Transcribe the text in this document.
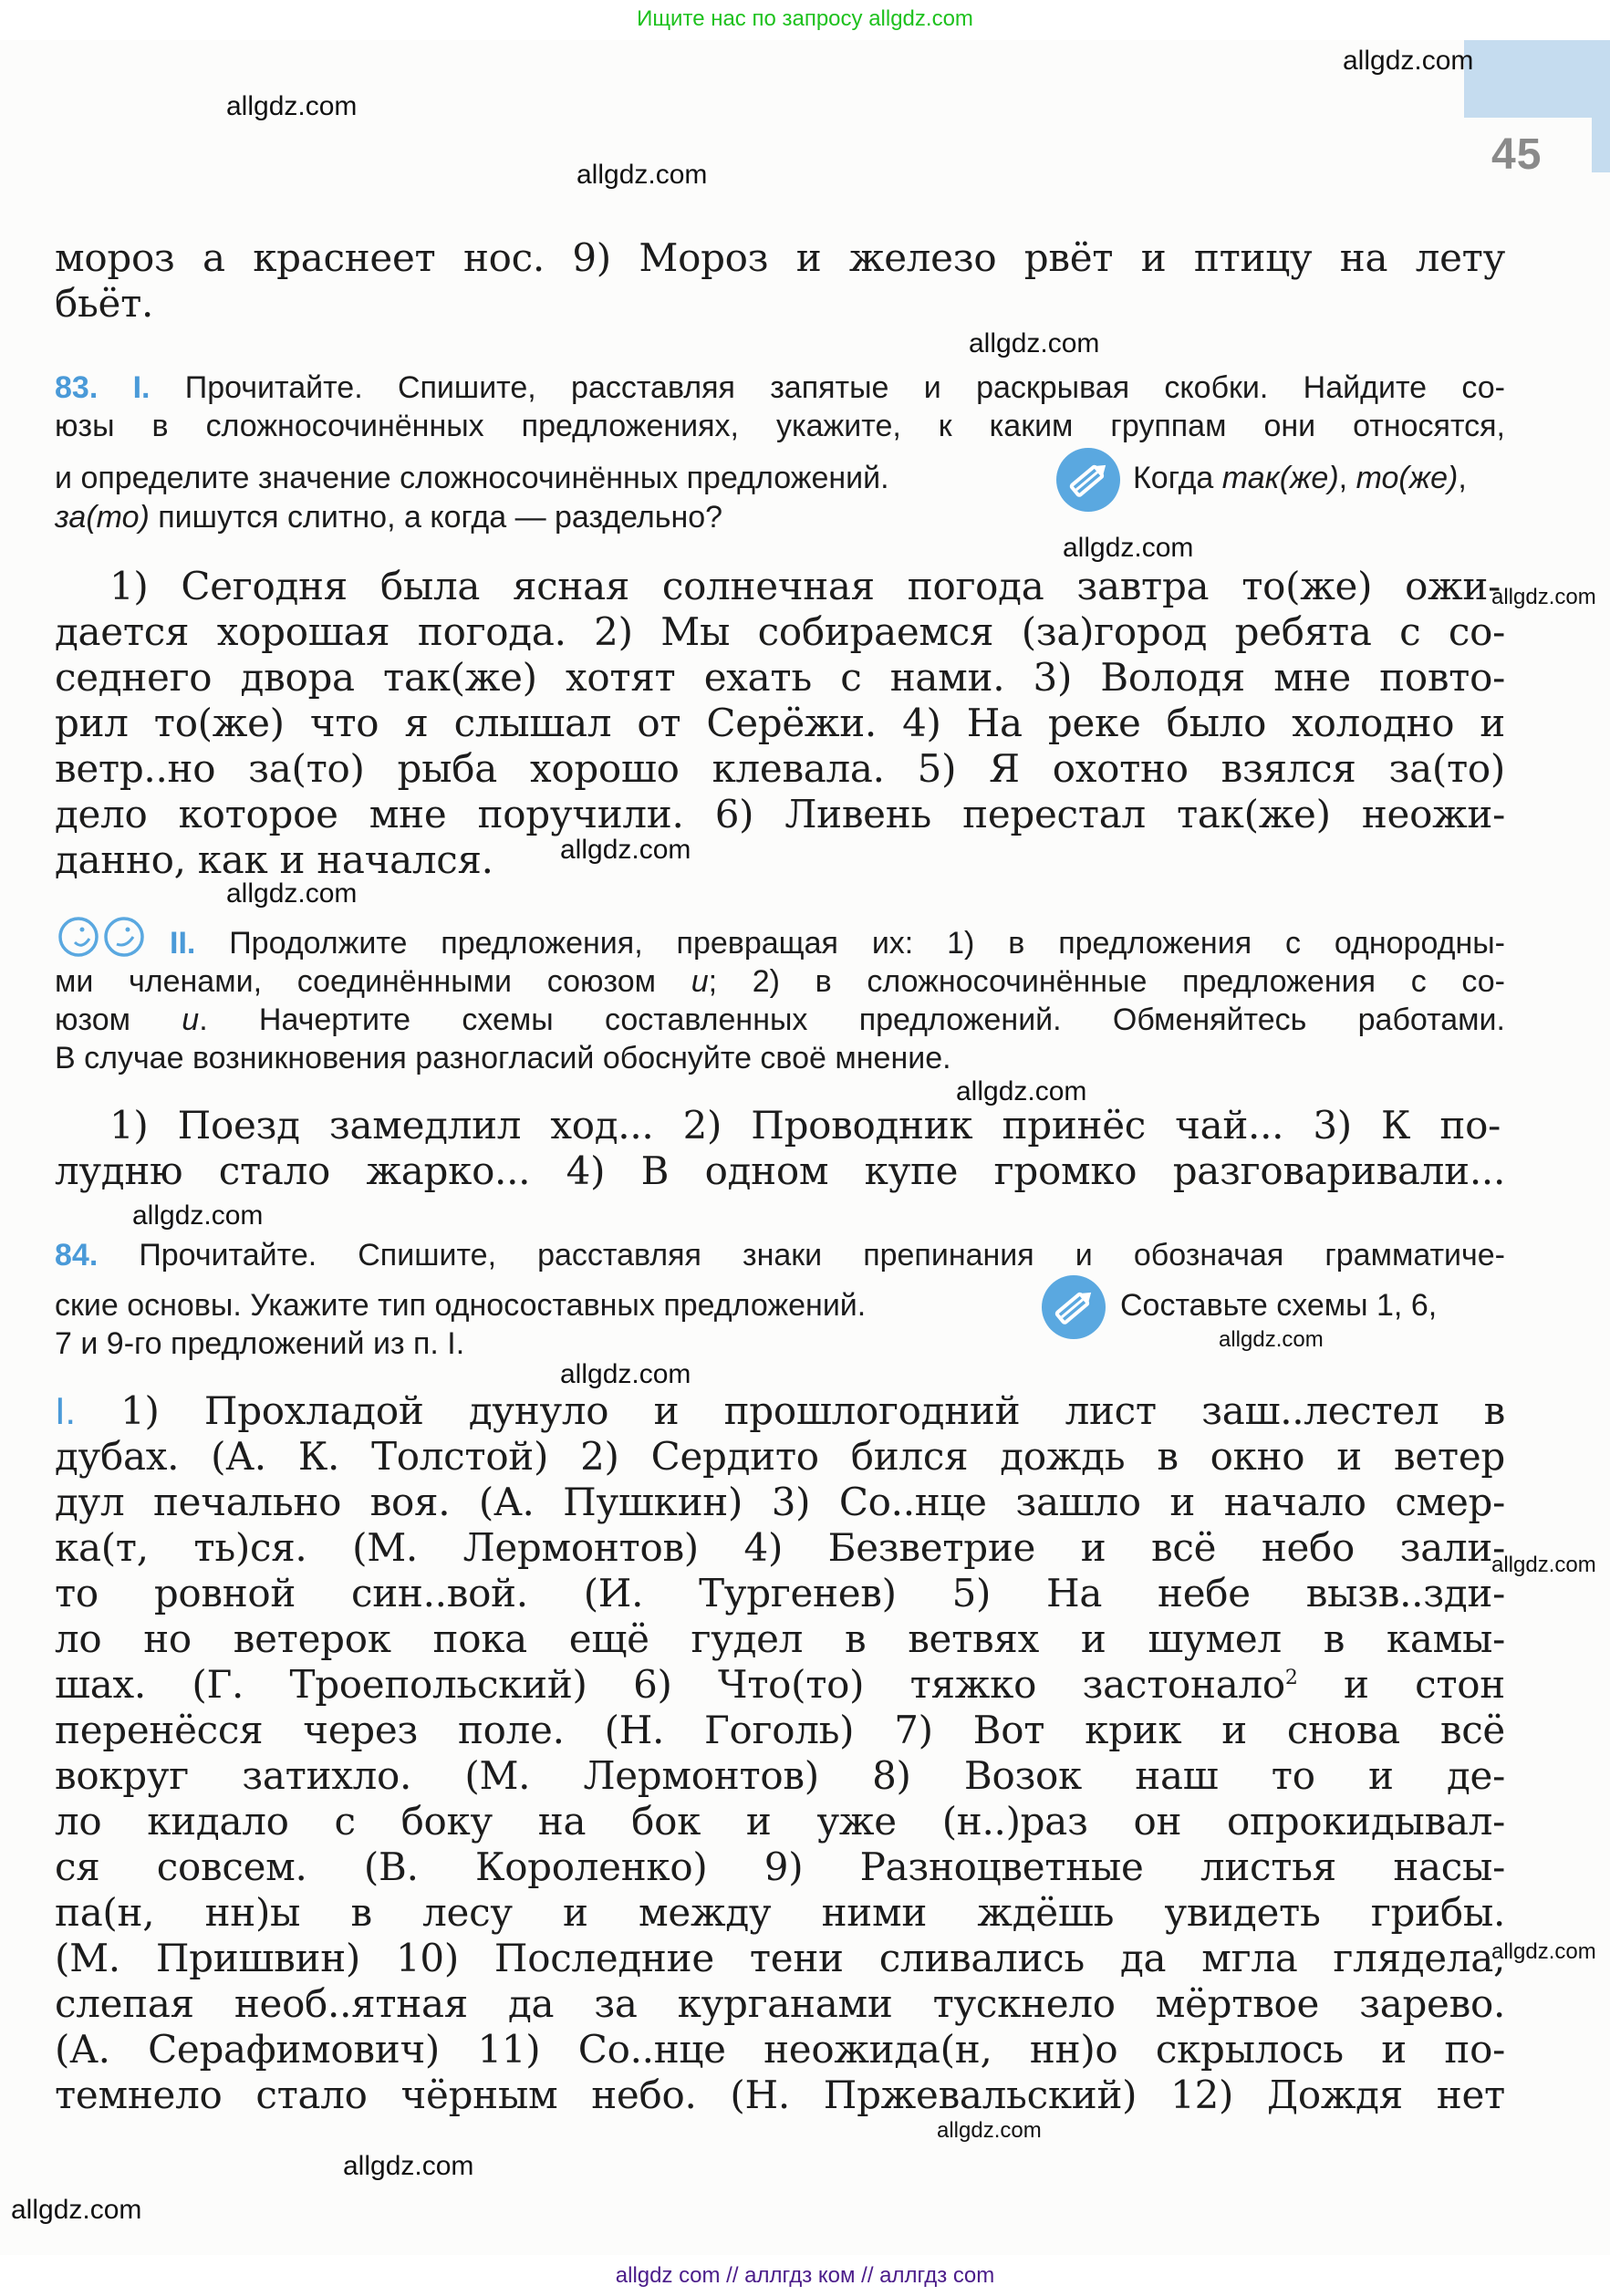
Ищите нас по запросу allgdz.com
45
мороз а краснеет нос. 9) Мороз и железо рвёт и птицу на лету
бьёт.
83. I. Прочитайте. Спишите, расставляя запятые и раскрывая скобки. Найдите со-
юзы в сложносочинённых предложениях, укажите, к каким группам они относятся,
и определите значение сложносочинённых предложений.	Когда так(же), то(же),
за(то) пишутся слитно, а когда — раздельно?
1) Сегодня была ясная солнечная погода завтра то(же) ожи-
дается хорошая погода. 2) Мы собираемся (за)город ребята с со-
седнего двора так(же) хотят ехать с нами. 3) Володя мне повто-
рил то(же) что я слышал от Серёжи. 4) На реке было холодно и
ветр..но за(то) рыба хорошо клевала. 5) Я охотно взялся за(то)
дело которое мне поручили. 6) Ливень перестал так(же) неожи-
данно, как и начался.
II. Продолжите предложения, превращая их: 1) в предложения с однородны-
ми членами, соединёнными союзом и; 2) в сложносочинённые предложения с со-
юзом и. Начертите схемы составленных предложений. Обменяйтесь работами.
В случае возникновения разногласий обоснуйте своё мнение.
1) Поезд замедлил ход... 2) Проводник принёс чай... 3) К по-
лудню стало жарко... 4) В одном купе громко разговаривали...
84. Прочитайте. Спишите, расставляя знаки препинания и обозначая грамматиче-
ские основы. Укажите тип односоставных предложений.	Составьте схемы 1, 6,
7 и 9-го предложений из п. I.
I. 1) Прохладой дунуло и прошлогодний лист заш..лестел в
дубах. (А. К. Толстой) 2) Сердито бился дождь в окно и ветер
дул печально воя. (А. Пушкин) 3) Со..нце зашло и начало смер-
ка(т, ть)ся. (М. Лермонтов) 4) Безветрие и всё небо зали-
то ровной син..вой. (И. Тургенев) 5) На небе вызв..зди-
ло но ветерок пока ещё гудел в ветвях и шумел в камы-
шах. (Г. Троепольский) 6) Что(то) тяжко застонало$^2$ и стон
перенёсся через поле. (Н. Гоголь) 7) Вот крик и снова всё
вокруг затихло. (М. Лермонтов) 8) Возок наш то и де-
ло кидало с боку на бок и уже (н..)раз он опрокидывал-
ся совсем. (В. Короленко) 9) Разноцветные листья насы-
па(н, нн)ы в лесу и между ними ждёшь увидеть грибы.
(М. Пришвин) 10) Последние тени сливались да мгла глядела,
слепая необ..ятная да за курганами тускнело мёртвое зарево.
(А. Серафимович) 11) Со..нце неожида(н, нн)о скрылось и по-
темнело стало чёрным небо. (Н. Пржевальский) 12) Дождя нет
allgdz.com
allgdz.com
allgdz.com
allgdz.com
allgdz.com
allgdz.com
allgdz.com
allgdz.com
allgdz.com
allgdz.com
allgdz.com
allgdz.com
allgdz.com
allgdz.com
allgdz.com
allgdz.com
allgdz.com
allgdz com // аллгдз ком // аллгдз com
